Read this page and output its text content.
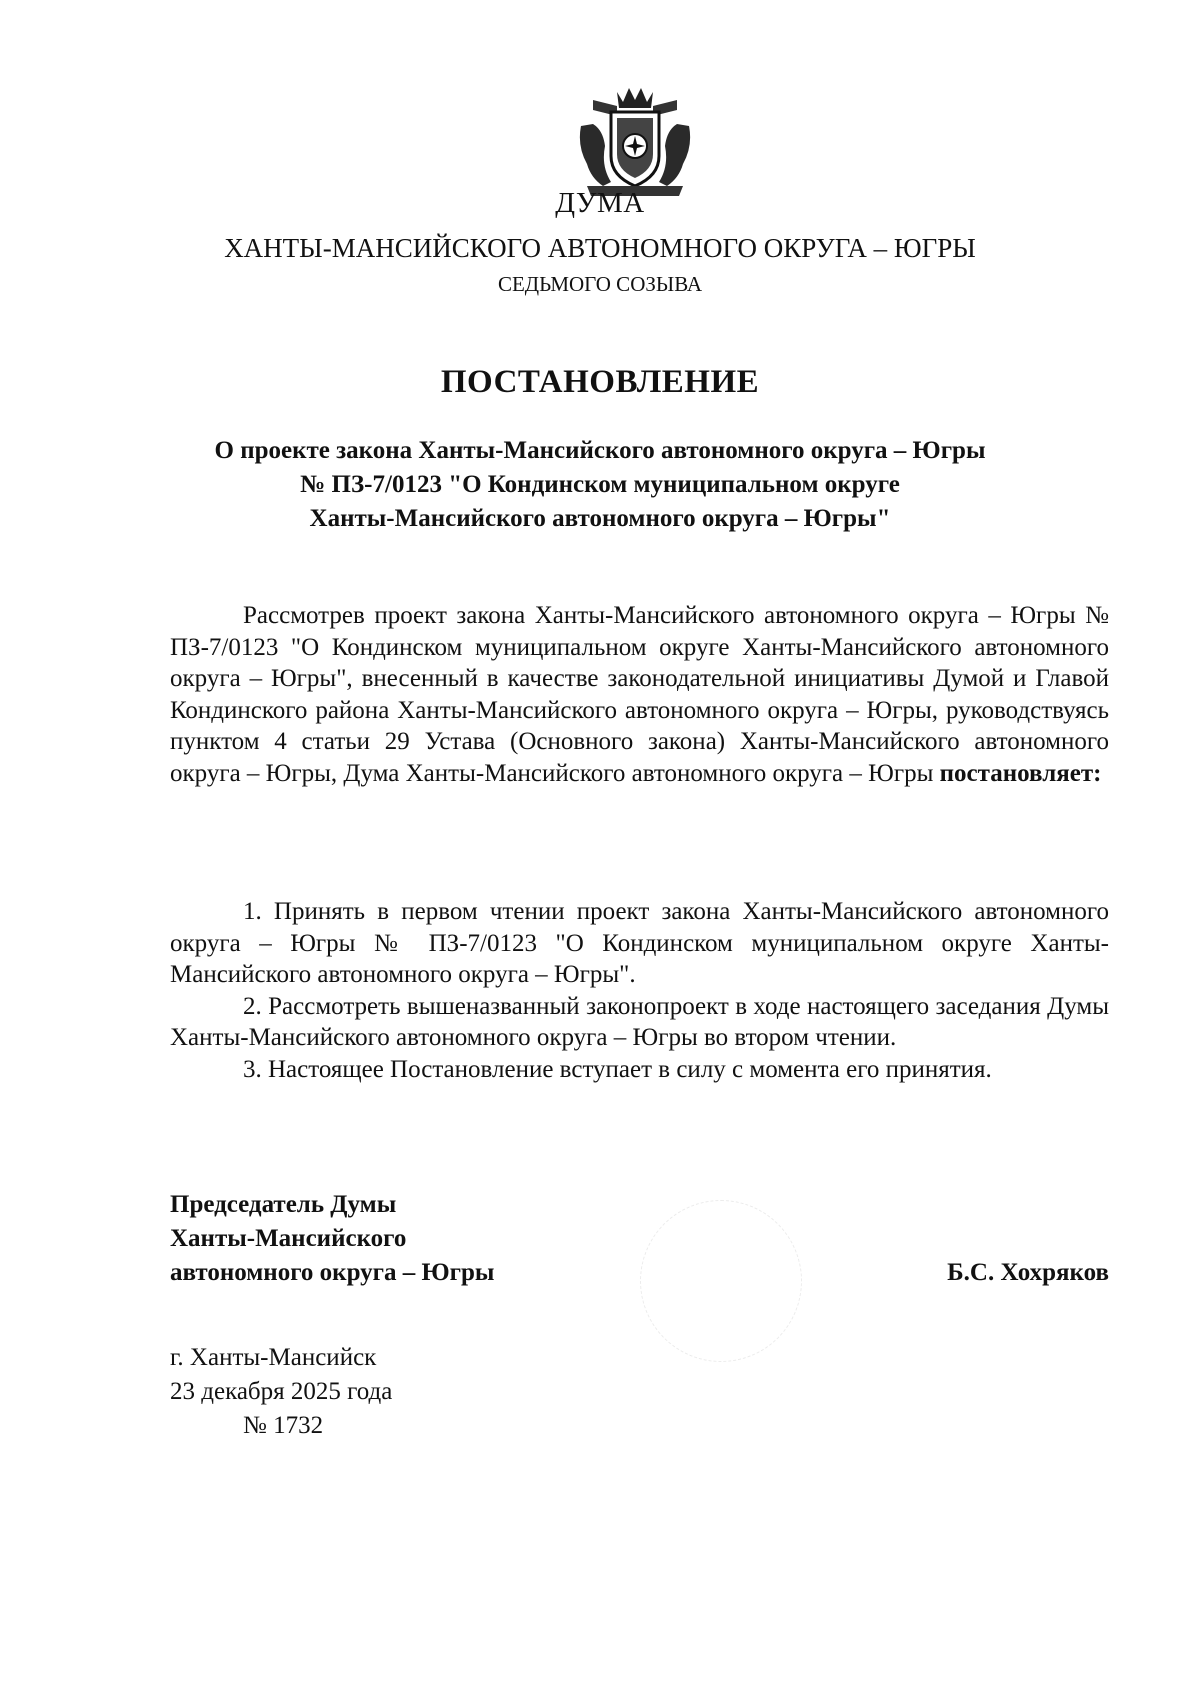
ДУМА
ХАНТЫ-МАНСИЙСКОГО АВТОНОМНОГО ОКРУГА – ЮГРЫ
СЕДЬМОГО СОЗЫВА
ПОСТАНОВЛЕНИЕ
О проекте закона Ханты-Мансийского автономного округа – Югры
№ ПЗ-7/0123 "О Кондинском муниципальном округе
Ханты-Мансийского автономного округа – Югры"

Рассмотрев проект закона Ханты-Мансийского автономного округа – Югры № ПЗ-7/0123 "О Кондинском муниципальном округе Ханты-Мансийского автономного округа – Югры", внесенный в качестве законодательной инициативы Думой и Главой Кондинского района Ханты-Мансийского автономного округа – Югры, руководствуясь пунктом 4 статьи 29 Устава (Основного закона) Ханты-Мансийского автономного округа – Югры, Дума Ханты-Мансийского автономного округа – Югры постановляет:

1. Принять в первом чтении проект закона Ханты-Мансийского автономного округа – Югры № ПЗ-7/0123 "О Кондинском муниципальном округе Ханты-Мансийского автономного округа – Югры".

2. Рассмотреть вышеназванный законопроект в ходе настоящего заседания Думы Ханты-Мансийского автономного округа – Югры во втором чтении.

3. Настоящее Постановление вступает в силу с момента его принятия.

Председатель Думы
Ханты-Мансийского
автономного округа – Югры	Б.С. Хохряков
г. Ханты-Мансийск
23 декабря 2025 года
№ 1732
